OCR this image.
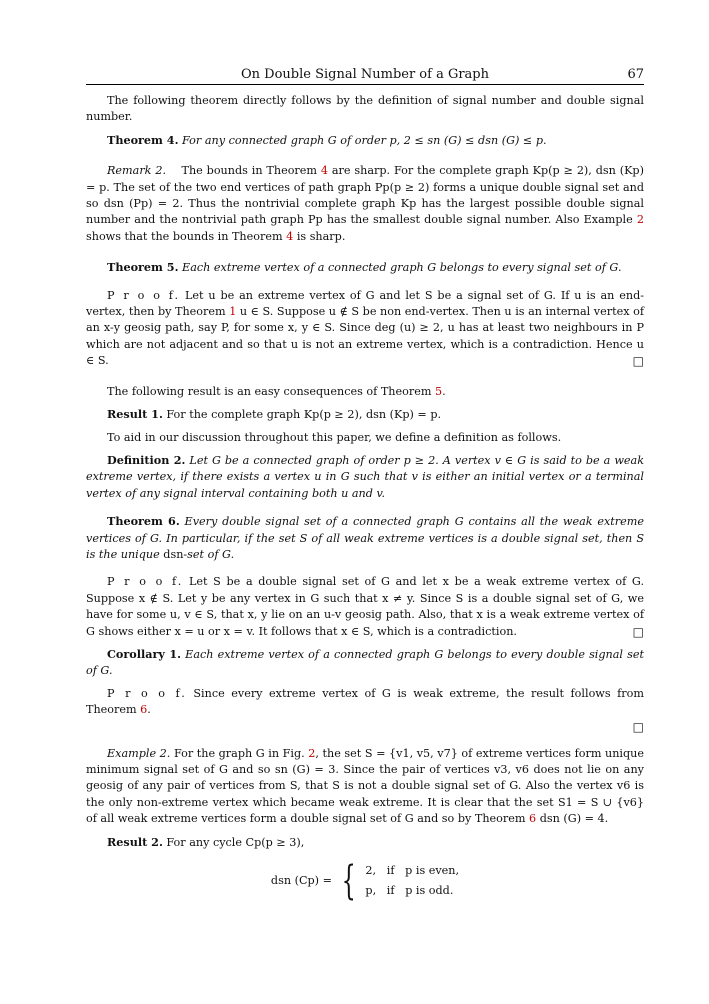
On Double Signal Number of a Graph	67

The following theorem directly follows by the definition of signal number and double signal number.

Theorem 4. For any connected graph G of order p, 2 ≤ sn (G) ≤ dsn (G) ≤ p.

Remark 2. The bounds in Theorem 4 are sharp. For the complete graph Kp(p ≥ 2), dsn (Kp) = p. The set of the two end vertices of path graph Pp(p ≥ 2) forms a unique double signal set and so dsn (Pp) = 2. Thus the nontrivial complete graph Kp has the largest possible double signal number and the nontrivial path graph Pp has the smallest double signal number. Also Example 2 shows that the bounds in Theorem 4 is sharp.

Theorem 5. Each extreme vertex of a connected graph G belongs to every signal set of G.

P r o o f. Let u be an extreme vertex of G and let S be a signal set of G. If u is an end-vertex, then by Theorem 1 u ∈ S. Suppose u ∉ S be non end-vertex. Then u is an internal vertex of an x-y geosig path, say P, for some x, y ∈ S. Since deg (u) ≥ 2, u has at least two neighbours in P which are not adjacent and so that u is not an extreme vertex, which is a contradiction. Hence u ∈ S.	□

The following result is an easy consequences of Theorem 5.

Result 1. For the complete graph Kp(p ≥ 2), dsn (Kp) = p.

To aid in our discussion throughout this paper, we define a definition as follows.

Definition 2. Let G be a connected graph of order p ≥ 2. A vertex v ∈ G is said to be a weak extreme vertex, if there exists a vertex u in G such that v is either an initial vertex or a terminal vertex of any signal interval containing both u and v.

Theorem 6. Every double signal set of a connected graph G contains all the weak extreme vertices of G. In particular, if the set S of all weak extreme vertices is a double signal set, then S is the unique dsn-set of G.

P r o o f. Let S be a double signal set of G and let x be a weak extreme vertex of G. Suppose x ∉ S. Let y be any vertex in G such that x ≠ y. Since S is a double signal set of G, we have for some u, v ∈ S, that x, y lie on an u-v geosig path. Also, that x is a weak extreme vertex of G shows either x = u or x = v. It follows that x ∈ S, which is a contradiction.	□

Corollary 1. Each extreme vertex of a connected graph G belongs to every double signal set of G.

P r o o f. Since every extreme vertex of G is weak extreme, the result follows from Theorem 6.

□

Example 2. For the graph G in Fig. 2, the set S = {v1, v5, v7} of extreme vertices form unique minimum signal set of G and so sn (G) = 3. Since the pair of vertices v3, v6 does not lie on any geosig of any pair of vertices from S, that S is not a double signal set of G. Also the vertex v6 is the only non-extreme vertex which became weak extreme. It is clear that the set S1 = S ∪ {v6} of all weak extreme vertices form a double signal set of G and so by Theorem 6 dsn (G) = 4.

Result 2. For any cycle Cp(p ≥ 3),

dsn (Cp) = { 2,   if   p is even,
p,   if   p is odd.
